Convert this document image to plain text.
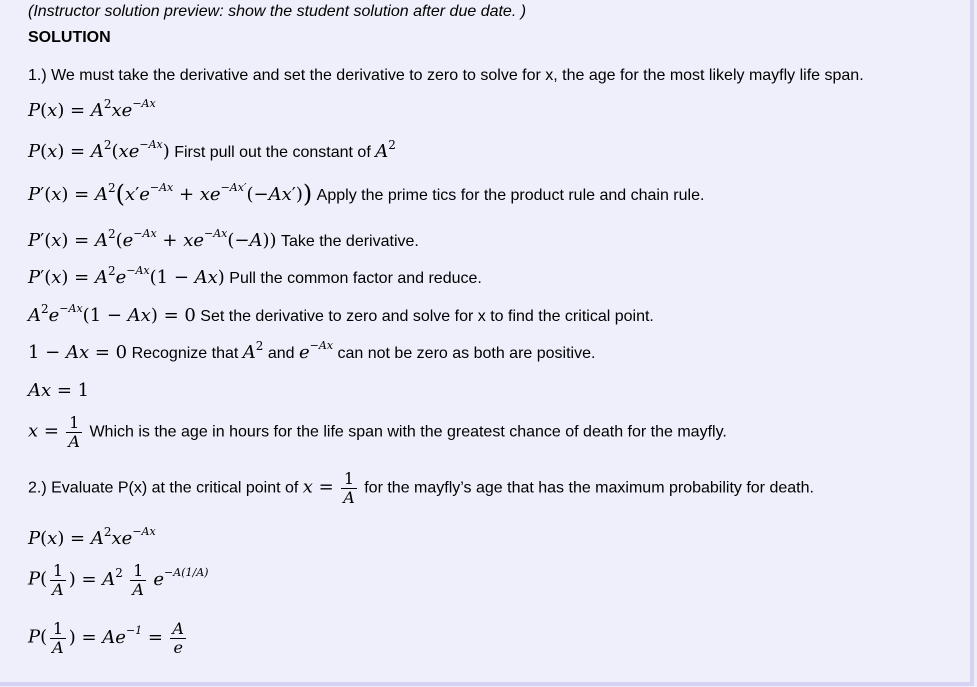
(Instructor solution preview: show the student solution after due date. )
SOLUTION
1.) We must take the derivative and set the derivative to zero to solve for x, the age for the most likely mayfly life span.
$P(x) = A^2xe^{-Ax}$
$P(x) = A^2(xe^{-Ax})$ First pull out the constant of $A^2$
$P'(x) = A^2(x'e^{-Ax} + xe^{-Ax'}(-Ax'))$ Apply the prime tics for the product rule and chain rule.
$P'(x) = A^2(e^{-Ax} + xe^{-Ax}(-A))$ Take the derivative.
$P'(x) = A^2e^{-Ax}(1 - Ax)$ Pull the common factor and reduce.
$A^2e^{-Ax}(1 - Ax) = 0$ Set the derivative to zero and solve for x to find the critical point.
1 − Ax = 0 Recognize that $A^2$ and $e^{-Ax}$ can not be zero as both are positive.
Ax = 1
$x = \frac{1}{A}$ Which is the age in hours for the life span with the greatest chance of death for the mayfly.
2.) Evaluate P(x) at the critical point of $x = \frac{1}{A}$ for the mayfly’s age that has the maximum probability for death.
$P(x) = A^2xe^{-Ax}$
$P( \frac{1}{A}$ ) = $A^2 \frac{1}{A} e^{-A(1/A)}$
$P( \frac{1}{A}$ ) = $Ae^{-1} = \frac{A}{e}$
